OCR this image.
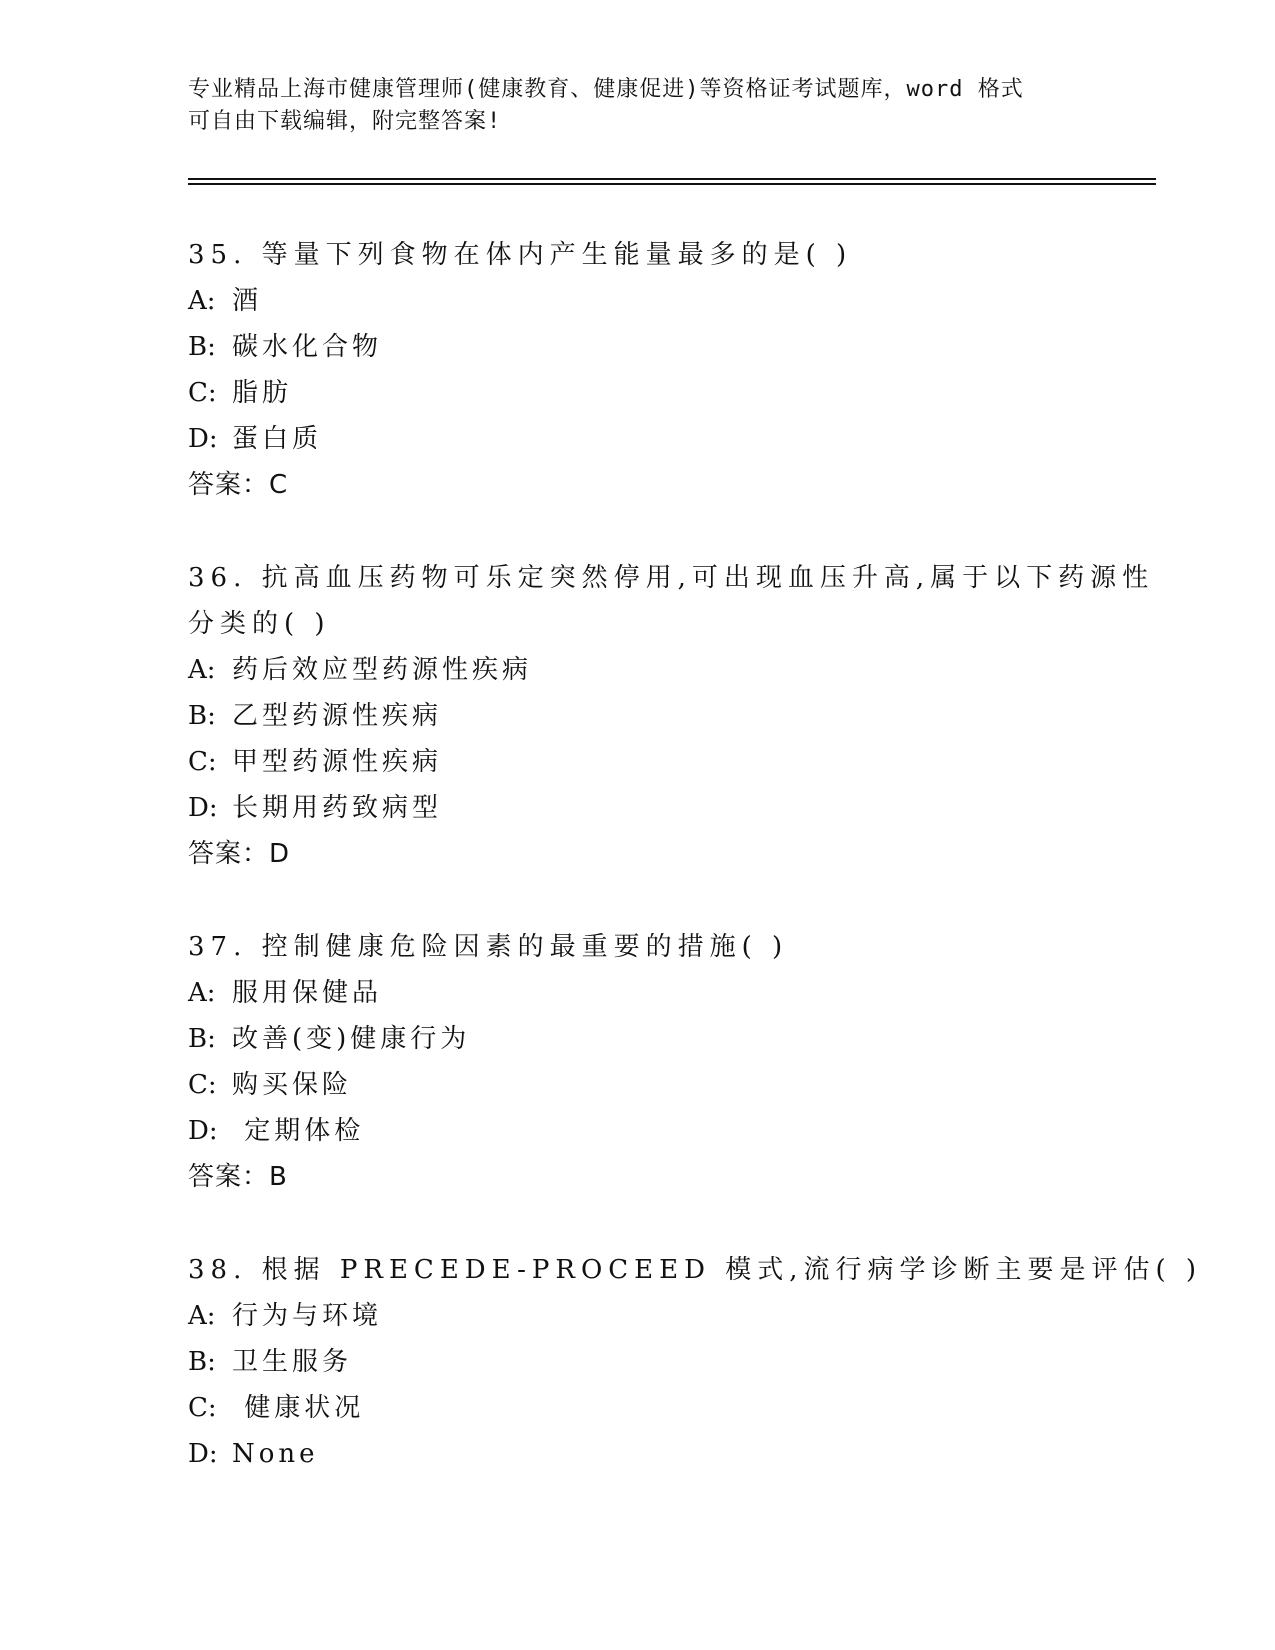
专业精品上海市健康管理师(健康教育、健康促进)等资格证考试题库，word 格式
可自由下载编辑，附完整答案!
35. 等量下列食物在体内产生能量最多的是( )
A: 酒
B: 碳水化合物
C: 脂肪
D: 蛋白质
答案：C
36. 抗高血压药物可乐定突然停用,可出现血压升高,属于以下药源性
分类的( )
A: 药后效应型药源性疾病
B: 乙型药源性疾病
C: 甲型药源性疾病
D: 长期用药致病型
答案：D
37. 控制健康危险因素的最重要的措施( )
A: 服用保健品
B: 改善(变)健康行为
C: 购买保险
D: 定期体检
答案：B
38. 根据 PRECEDE-PROCEED 模式,流行病学诊断主要是评估( )
A: 行为与环境
B: 卫生服务
C: 健康状况
D: None
